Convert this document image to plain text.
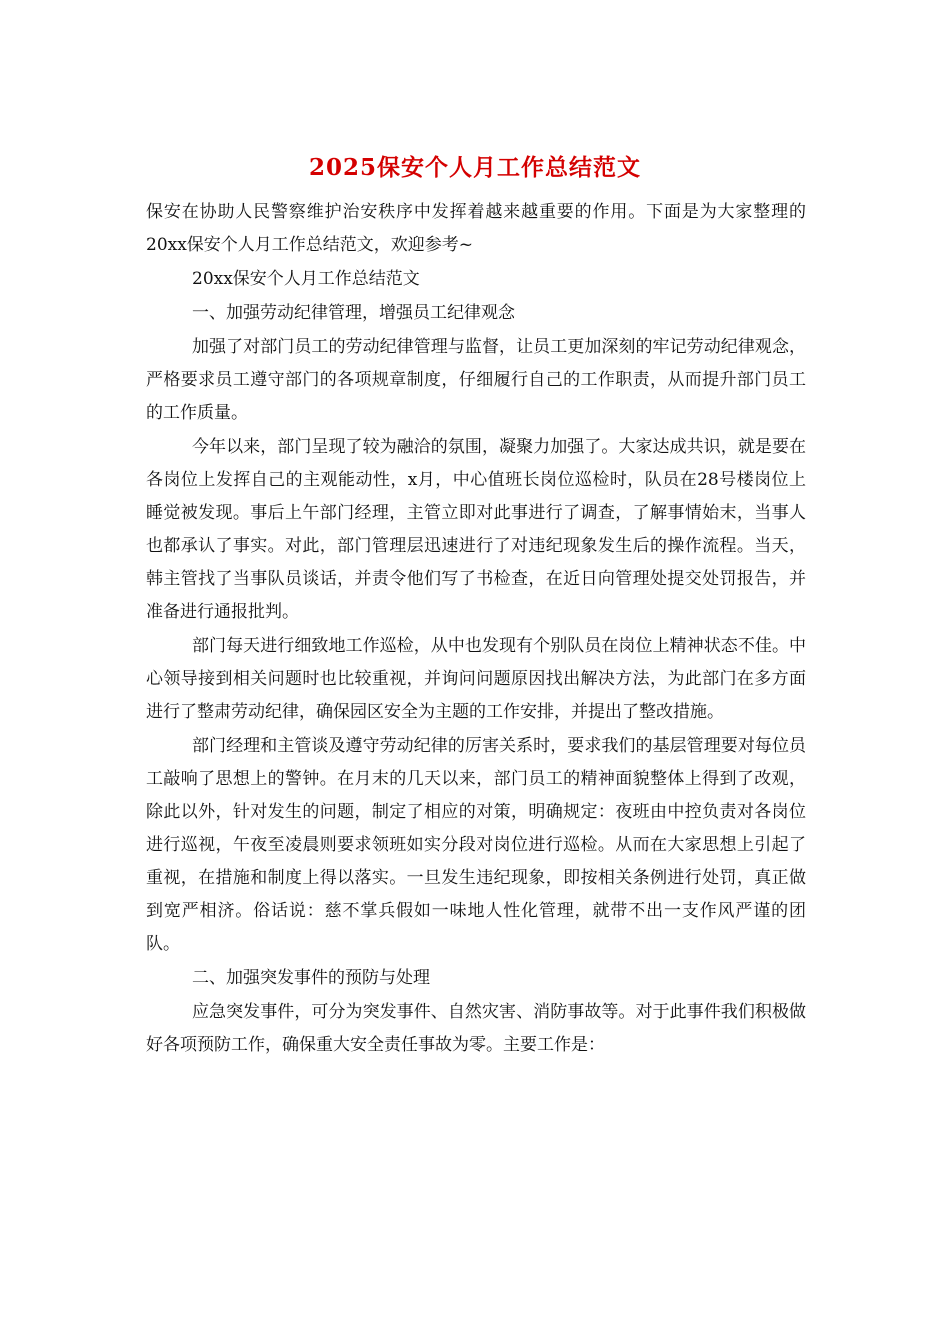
2025保安个人月工作总结范文

保安在协助人民警察维护治安秩序中发挥着越来越重要的作用。下面是为大家整理的20xx保安个人月工作总结范文，欢迎参考~

20xx保安个人月工作总结范文

一、加强劳动纪律管理，增强员工纪律观念

加强了对部门员工的劳动纪律管理与监督，让员工更加深刻的牢记劳动纪律观念，严格要求员工遵守部门的各项规章制度，仔细履行自己的工作职责，从而提升部门员工的工作质量。

今年以来，部门呈现了较为融洽的氛围，凝聚力加强了。大家达成共识，就是要在各岗位上发挥自己的主观能动性，x月，中心值班长岗位巡检时，队员在28号楼岗位上睡觉被发现。事后上午部门经理，主管立即对此事进行了调查，了解事情始末，当事人也都承认了事实。对此，部门管理层迅速进行了对违纪现象发生后的操作流程。当天，韩主管找了当事队员谈话，并责令他们写了书检查，在近日向管理处提交处罚报告，并准备进行通报批判。

部门每天进行细致地工作巡检，从中也发现有个别队员在岗位上精神状态不佳。中心领导接到相关问题时也比较重视，并询问问题原因找出解决方法，为此部门在多方面进行了整肃劳动纪律，确保园区安全为主题的工作安排，并提出了整改措施。

部门经理和主管谈及遵守劳动纪律的厉害关系时，要求我们的基层管理要对每位员工敲响了思想上的警钟。在月末的几天以来，部门员工的精神面貌整体上得到了改观，除此以外，针对发生的问题，制定了相应的对策，明确规定：夜班由中控负责对各岗位进行巡视，午夜至凌晨则要求领班如实分段对岗位进行巡检。从而在大家思想上引起了重视，在措施和制度上得以落实。一旦发生违纪现象，即按相关条例进行处罚，真正做到宽严相济。俗话说：慈不掌兵假如一味地人性化管理，就带不出一支作风严谨的团队。

二、加强突发事件的预防与处理

应急突发事件，可分为突发事件、自然灾害、消防事故等。对于此事件我们积极做好各项预防工作，确保重大安全责任事故为零。主要工作是：
